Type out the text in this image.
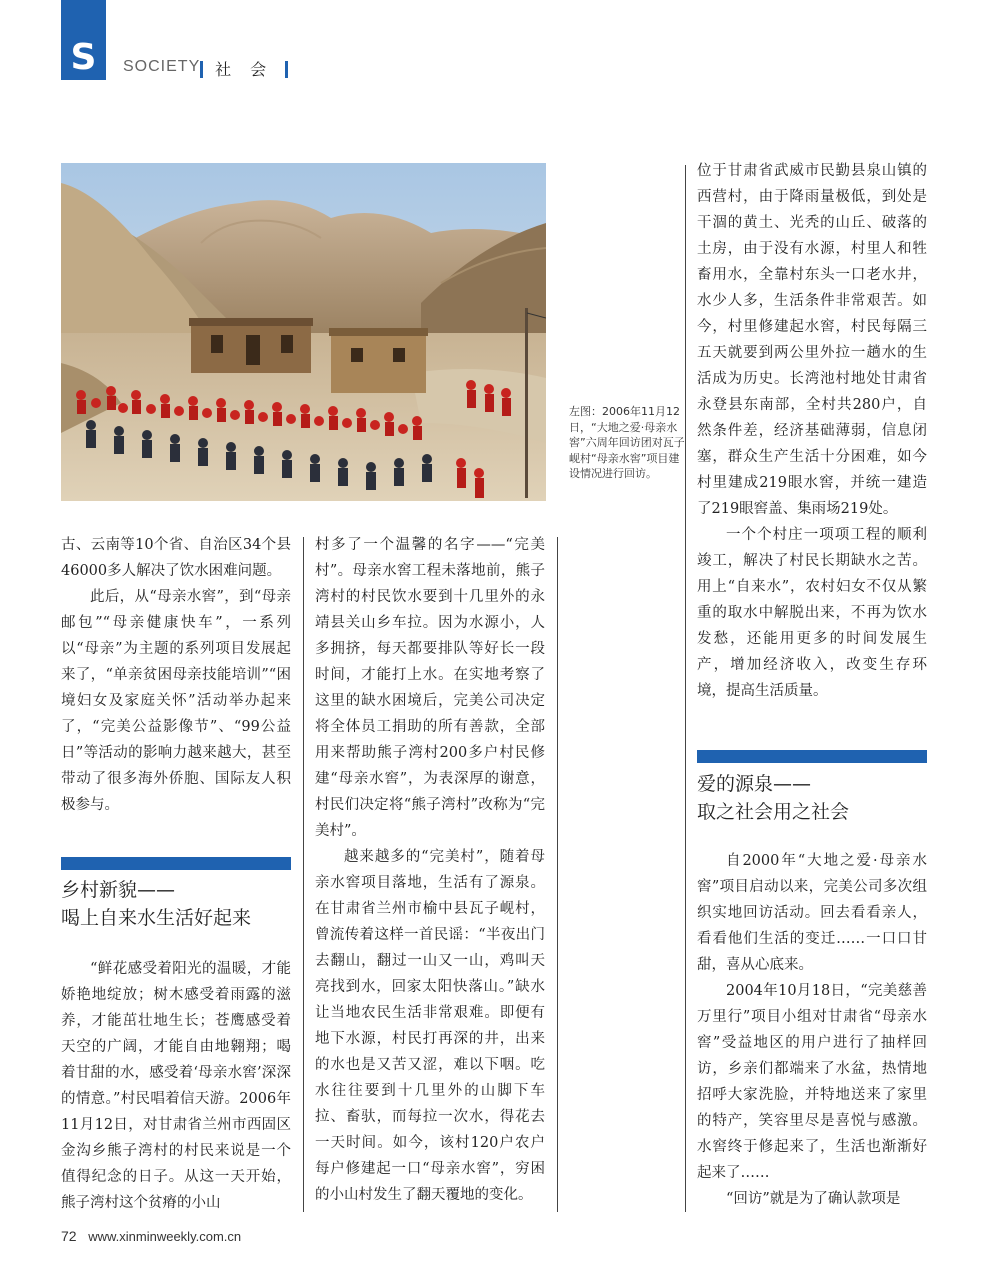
S	SOCIETY 社 会
左图：2006年11月12日，“大地之爱·母亲水窖”六周年回访团对瓦子岘村“母亲水窖”项目建设情况进行回访。

古、云南等10个省、自治区34个县46000多人解决了饮水困难问题。

此后，从“母亲水窖”，到“母亲邮包”“母亲健康快车”，一系列以“母亲”为主题的系列项目发展起来了，“单亲贫困母亲技能培训”“困境妇女及家庭关怀”活动举办起来了，“完美公益影像节”、“99公益日”等活动的影响力越来越大，甚至带动了很多海外侨胞、国际友人积极参与。

乡村新貌——
喝上自来水生活好起来

“鲜花感受着阳光的温暖，才能娇艳地绽放；树木感受着雨露的滋养，才能茁壮地生长；苍鹰感受着天空的广阔，才能自由地翱翔；喝着甘甜的水，感受着‘母亲水窖’深深的情意。”村民唱着信天游。2006年11月12日，对甘肃省兰州市西固区金沟乡熊子湾村的村民来说是一个值得纪念的日子。从这一天开始，熊子湾村这个贫瘠的小山

村多了一个温馨的名字——“完美村”。母亲水窖工程未落地前，熊子湾村的村民饮水要到十几里外的永靖县关山乡车拉。因为水源小，人多拥挤，每天都要排队等好长一段时间，才能打上水。在实地考察了这里的缺水困境后，完美公司决定将全体员工捐助的所有善款，全部用来帮助熊子湾村200多户村民修建“母亲水窖”，为表深厚的谢意，村民们决定将“熊子湾村”改称为“完美村”。

越来越多的“完美村”，随着母亲水窖项目落地，生活有了源泉。在甘肃省兰州市榆中县瓦子岘村，曾流传着这样一首民谣：“半夜出门去翻山，翻过一山又一山，鸡叫天亮找到水，回家太阳快落山。”缺水让当地农民生活非常艰难。即便有地下水源，村民打再深的井，出来的水也是又苦又涩，难以下咽。吃水往往要到十几里外的山脚下车拉、畜驮，而每拉一次水，得花去一天时间。如今，该村120户农户每户修建起一口“母亲水窖”，穷困的小山村发生了翻天覆地的变化。

位于甘肃省武威市民勤县泉山镇的西营村，由于降雨量极低，到处是干涸的黄土、光秃的山丘、破落的土房，由于没有水源，村里人和牲畜用水，全靠村东头一口老水井，水少人多，生活条件非常艰苦。如今，村里修建起水窖，村民每隔三五天就要到两公里外拉一趟水的生活成为历史。长湾池村地处甘肃省永登县东南部，全村共280户，自然条件差，经济基础薄弱，信息闭塞，群众生产生活十分困难，如今村里建成219眼水窖，并统一建造了219眼窖盖、集雨场219处。

一个个村庄一项项工程的顺利竣工，解决了村民长期缺水之苦。用上“自来水”，农村妇女不仅从繁重的取水中解脱出来，不再为饮水发愁，还能用更多的时间发展生产，增加经济收入，改变生存环境，提高生活质量。

爱的源泉——
取之社会用之社会

自2000年“大地之爱·母亲水窖”项目启动以来，完美公司多次组织实地回访活动。回去看看亲人，看看他们生活的变迁……一口口甘甜，喜从心底来。

2004年10月18日，“完美慈善万里行”项目小组对甘肃省“母亲水窖”受益地区的用户进行了抽样回访，乡亲们都端来了水盆，热情地招呼大家洗脸，并特地送来了家里的特产，笑容里尽是喜悦与感激。水窖终于修起来了，生活也渐渐好起来了……

“回访”就是为了确认款项是

72 www.xinminweekly.com.cn
